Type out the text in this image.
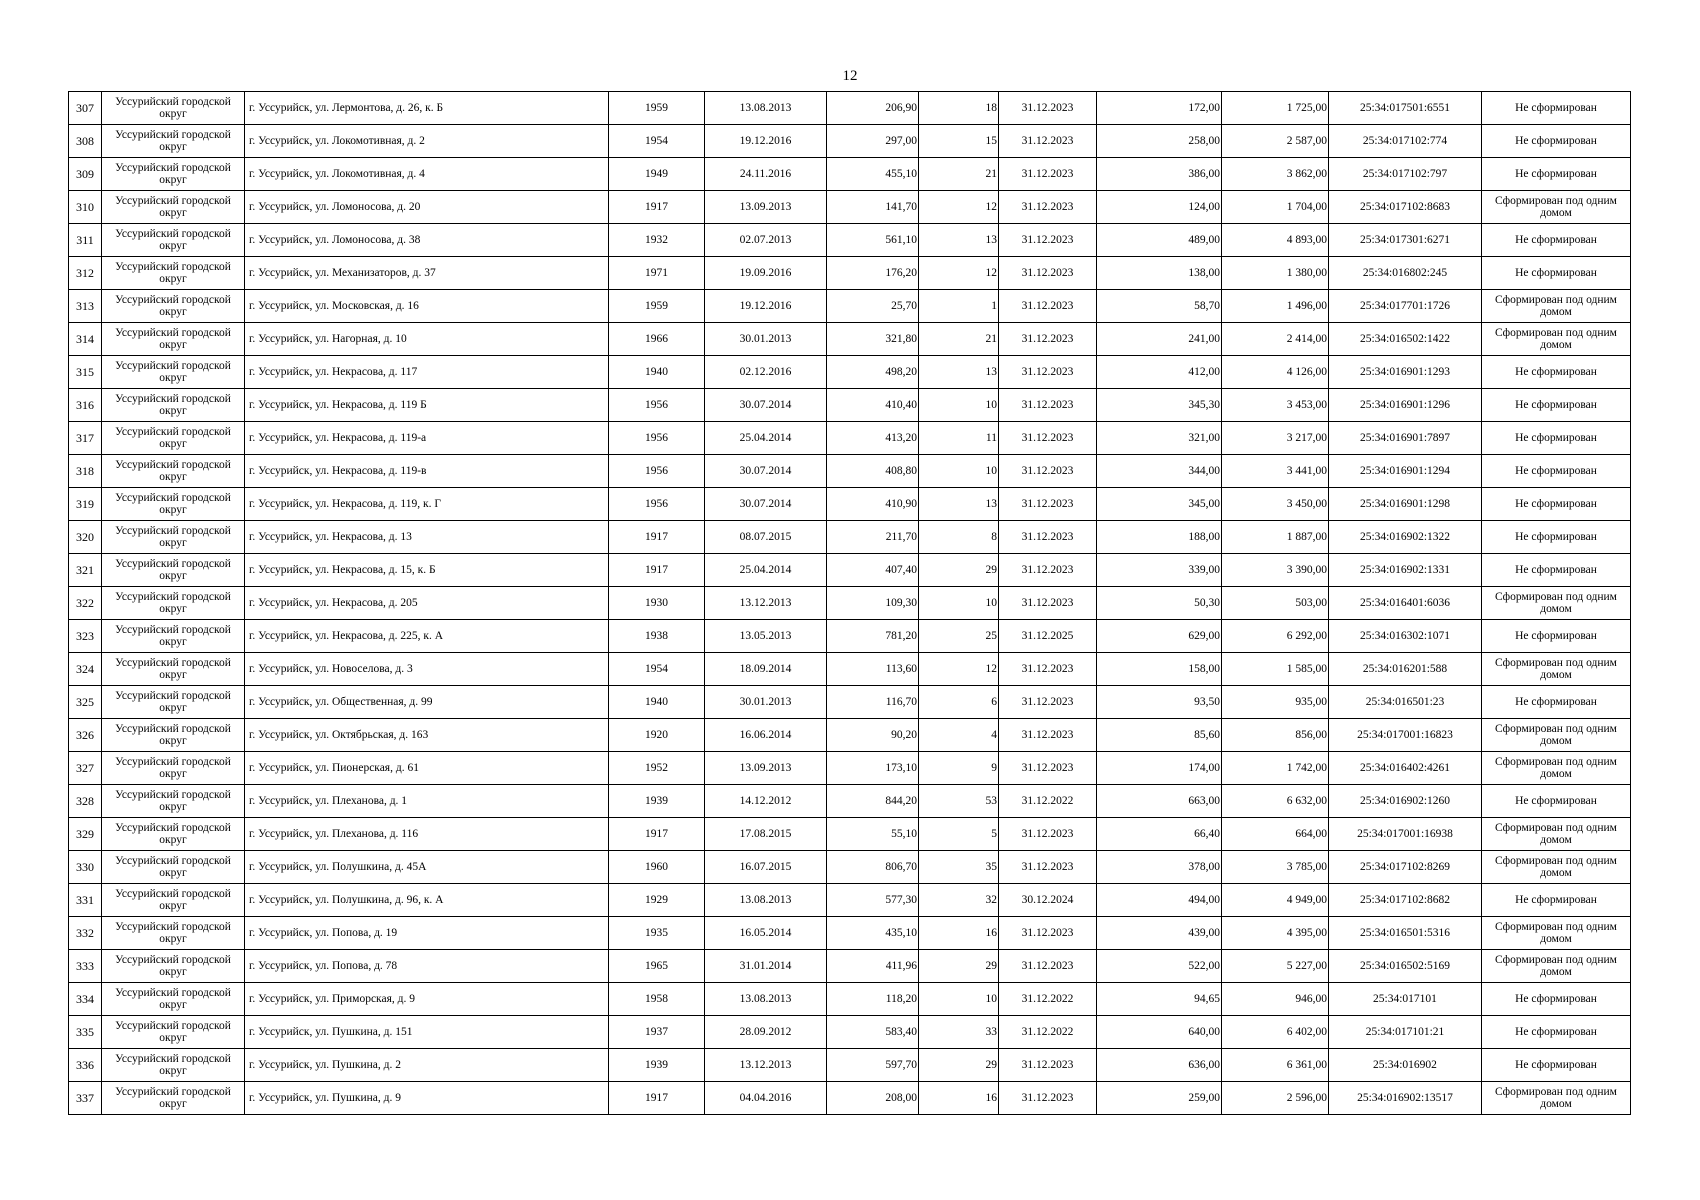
12
307	Уссурийский городской округ	г. Уссурийск, ул. Лермонтова, д. 26, к. Б	1959	13.08.2013	206,90	18	31.12.2023	172,00	1 725,00	25:34:017501:6551	Не сформирован
308	Уссурийский городской округ	г. Уссурийск, ул. Локомотивная, д. 2	1954	19.12.2016	297,00	15	31.12.2023	258,00	2 587,00	25:34:017102:774	Не сформирован
309	Уссурийский городской округ	г. Уссурийск, ул. Локомотивная, д. 4	1949	24.11.2016	455,10	21	31.12.2023	386,00	3 862,00	25:34:017102:797	Не сформирован
310	Уссурийский городской округ	г. Уссурийск, ул. Ломоносова, д. 20	1917	13.09.2013	141,70	12	31.12.2023	124,00	1 704,00	25:34:017102:8683	Сформирован под одним домом
311	Уссурийский городской округ	г. Уссурийск, ул. Ломоносова, д. 38	1932	02.07.2013	561,10	13	31.12.2023	489,00	4 893,00	25:34:017301:6271	Не сформирован
312	Уссурийский городской округ	г. Уссурийск, ул. Механизаторов, д. 37	1971	19.09.2016	176,20	12	31.12.2023	138,00	1 380,00	25:34:016802:245	Не сформирован
313	Уссурийский городской округ	г. Уссурийск, ул. Московская, д. 16	1959	19.12.2016	25,70	1	31.12.2023	58,70	1 496,00	25:34:017701:1726	Сформирован под одним домом
314	Уссурийский городской округ	г. Уссурийск, ул. Нагорная, д. 10	1966	30.01.2013	321,80	21	31.12.2023	241,00	2 414,00	25:34:016502:1422	Сформирован под одним домом
315	Уссурийский городской округ	г. Уссурийск, ул. Некрасова, д. 117	1940	02.12.2016	498,20	13	31.12.2023	412,00	4 126,00	25:34:016901:1293	Не сформирован
316	Уссурийский городской округ	г. Уссурийск, ул. Некрасова, д. 119 Б	1956	30.07.2014	410,40	10	31.12.2023	345,30	3 453,00	25:34:016901:1296	Не сформирован
317	Уссурийский городской округ	г. Уссурийск, ул. Некрасова, д. 119-а	1956	25.04.2014	413,20	11	31.12.2023	321,00	3 217,00	25:34:016901:7897	Не сформирован
318	Уссурийский городской округ	г. Уссурийск, ул. Некрасова, д. 119-в	1956	30.07.2014	408,80	10	31.12.2023	344,00	3 441,00	25:34:016901:1294	Не сформирован
319	Уссурийский городской округ	г. Уссурийск, ул. Некрасова, д. 119, к. Г	1956	30.07.2014	410,90	13	31.12.2023	345,00	3 450,00	25:34:016901:1298	Не сформирован
320	Уссурийский городской округ	г. Уссурийск, ул. Некрасова, д. 13	1917	08.07.2015	211,70	8	31.12.2023	188,00	1 887,00	25:34:016902:1322	Не сформирован
321	Уссурийский городской округ	г. Уссурийск, ул. Некрасова, д. 15, к. Б	1917	25.04.2014	407,40	29	31.12.2023	339,00	3 390,00	25:34:016902:1331	Не сформирован
322	Уссурийский городской округ	г. Уссурийск, ул. Некрасова, д. 205	1930	13.12.2013	109,30	10	31.12.2023	50,30	503,00	25:34:016401:6036	Сформирован под одним домом
323	Уссурийский городской округ	г. Уссурийск, ул. Некрасова, д. 225, к. А	1938	13.05.2013	781,20	25	31.12.2025	629,00	6 292,00	25:34:016302:1071	Не сформирован
324	Уссурийский городской округ	г. Уссурийск, ул. Новоселова, д. 3	1954	18.09.2014	113,60	12	31.12.2023	158,00	1 585,00	25:34:016201:588	Сформирован под одним домом
325	Уссурийский городской округ	г. Уссурийск, ул. Общественная, д. 99	1940	30.01.2013	116,70	6	31.12.2023	93,50	935,00	25:34:016501:23	Не сформирован
326	Уссурийский городской округ	г. Уссурийск, ул. Октябрьская, д. 163	1920	16.06.2014	90,20	4	31.12.2023	85,60	856,00	25:34:017001:16823	Сформирован под одним домом
327	Уссурийский городской округ	г. Уссурийск, ул. Пионерская, д. 61	1952	13.09.2013	173,10	9	31.12.2023	174,00	1 742,00	25:34:016402:4261	Сформирован под одним домом
328	Уссурийский городской округ	г. Уссурийск, ул. Плеханова, д. 1	1939	14.12.2012	844,20	53	31.12.2022	663,00	6 632,00	25:34:016902:1260	Не сформирован
329	Уссурийский городской округ	г. Уссурийск, ул. Плеханова, д. 116	1917	17.08.2015	55,10	5	31.12.2023	66,40	664,00	25:34:017001:16938	Сформирован под одним домом
330	Уссурийский городской округ	г. Уссурийск, ул. Полушкина, д. 45А	1960	16.07.2015	806,70	35	31.12.2023	378,00	3 785,00	25:34:017102:8269	Сформирован под одним домом
331	Уссурийский городской округ	г. Уссурийск, ул. Полушкина, д. 96, к. А	1929	13.08.2013	577,30	32	30.12.2024	494,00	4 949,00	25:34:017102:8682	Не сформирован
332	Уссурийский городской округ	г. Уссурийск, ул. Попова, д. 19	1935	16.05.2014	435,10	16	31.12.2023	439,00	4 395,00	25:34:016501:5316	Сформирован под одним домом
333	Уссурийский городской округ	г. Уссурийск, ул. Попова, д. 78	1965	31.01.2014	411,96	29	31.12.2023	522,00	5 227,00	25:34:016502:5169	Сформирован под одним домом
334	Уссурийский городской округ	г. Уссурийск, ул. Приморская, д. 9	1958	13.08.2013	118,20	10	31.12.2022	94,65	946,00	25:34:017101	Не сформирован
335	Уссурийский городской округ	г. Уссурийск, ул. Пушкина, д. 151	1937	28.09.2012	583,40	33	31.12.2022	640,00	6 402,00	25:34:017101:21	Не сформирован
336	Уссурийский городской округ	г. Уссурийск, ул. Пушкина, д. 2	1939	13.12.2013	597,70	29	31.12.2023	636,00	6 361,00	25:34:016902	Не сформирован
337	Уссурийский городской округ	г. Уссурийск, ул. Пушкина, д. 9	1917	04.04.2016	208,00	16	31.12.2023	259,00	2 596,00	25:34:016902:13517	Сформирован под одним домом
